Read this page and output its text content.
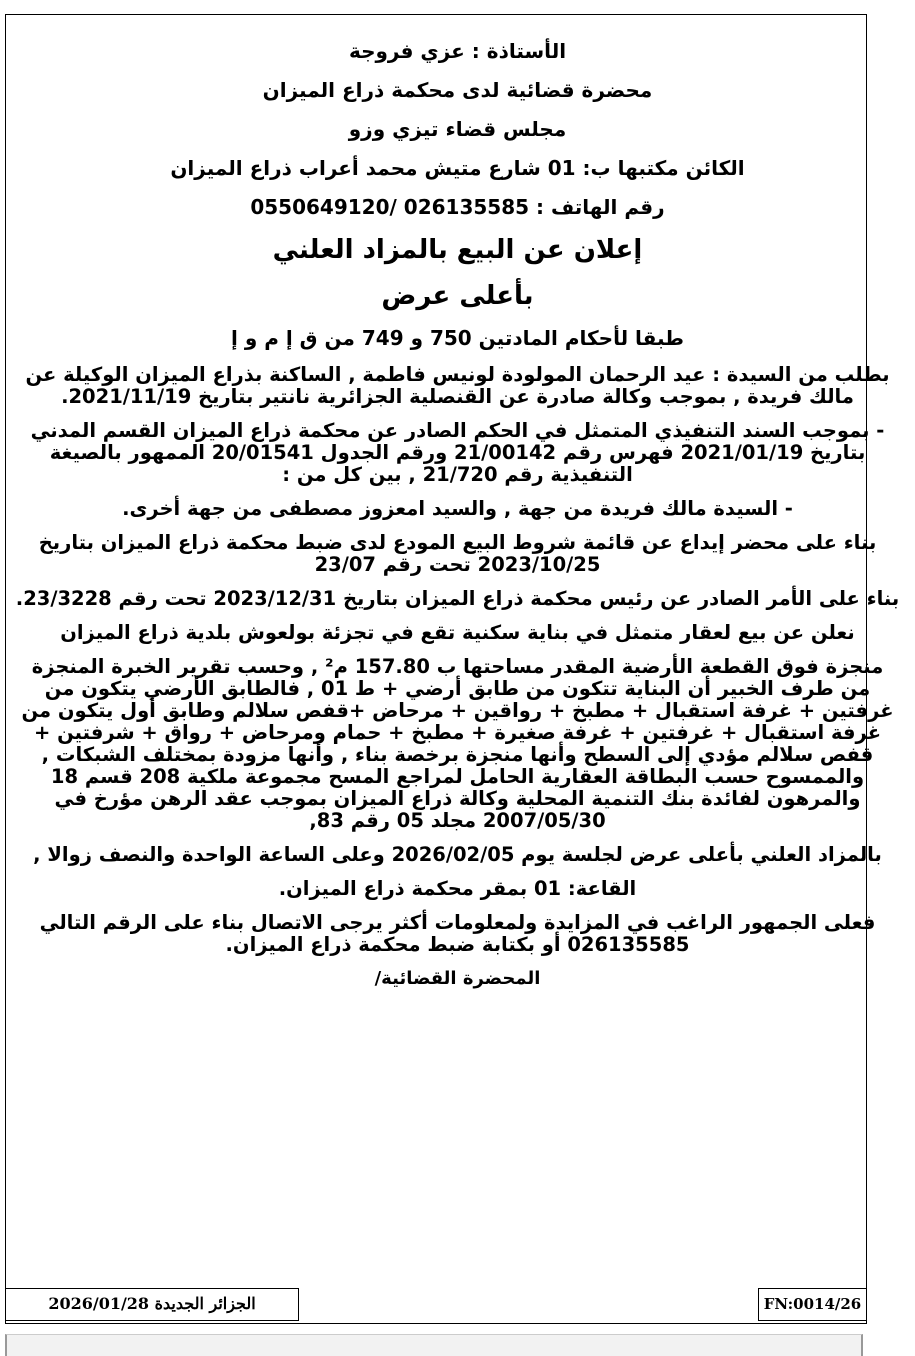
الأستاذة : عزي فروجة
محضرة قضائية لدى محكمة ذراع الميزان
مجلس قضاء تيزي وزو
الكائن مكتبها ب: 01 شارع متيش محمد أعراب ذراع الميزان
رقم الهاتف : 026135585 /0550649120
إعلان عن البيع بالمزاد العلني
بأعلى عرض
طبقا لأحكام المادتين 750 و 749 من ق إ م و إ
بطلب من السيدة : عيد الرحمان المولودة لونيس فاطمة , الساكنة بذراع الميزان الوكيلة عن مالك فريدة , بموجب وكالة صادرة عن القنصلية الجزائرية نانتير بتاريخ 2021/11/19.
- بموجب السند التنفيذي المتمثل في الحكم الصادر عن محكمة ذراع الميزان القسم المدني بتاريخ 2021/01/19 فهرس رقم 21/00142 ورقم الجدول 20/01541 الممهور بالصيغة التنفيذية رقم 21/720 , بين كل من :
- السيدة مالك فريدة من جهة , والسيد امعزوز مصطفى من جهة أخرى.
بناء على محضر إيداع عن قائمة شروط البيع المودع لدى ضبط محكمة ذراع الميزان بتاريخ 2023/10/25 تحت رقم 23/07
بناء على الأمر الصادر عن رئيس محكمة ذراع الميزان بتاريخ 2023/12/31 تحت رقم 23/3228.
نعلن عن بيع لعقار متمثل في بناية سكنية تقع في تجزئة بولعوش بلدية ذراع الميزان
منجزة فوق القطعة الأرضية المقدر مساحتها ب 157.80 م² , وحسب تقرير الخبرة المنجزة من طرف الخبير أن البناية تتكون من طابق أرضي + ط 01 , فالطابق الأرضي يتكون من غرفتين + غرفة استقبال + مطبخ + رواقين + مرحاض +قفص سلالم وطابق أول يتكون من غرفة استقبال + غرفتين + غرفة صغيرة + مطبخ + حمام ومرحاض + رواق + شرفتين + قفص سلالم مؤدي إلى السطح وأنها منجزة برخصة بناء , وأنها مزودة بمختلف الشبكات , والممسوح حسب البطاقة العقارية الحامل لمراجع المسح مجموعة ملكية 208 قسم 18 والمرهون لفائدة بنك التنمية المحلية وكالة ذراع الميزان بموجب عقد الرهن مؤرخ في 2007/05/30 مجلد 05 رقم 83,
بالمزاد العلني بأعلى عرض لجلسة يوم 2026/02/05 وعلى الساعة الواحدة والنصف زوالا ,
القاعة: 01 بمقر محكمة ذراع الميزان.
فعلى الجمهور الراغب في المزايدة ولمعلومات أكثر يرجى الاتصال بناء على الرقم التالي 026135585 أو بكتابة ضبط محكمة ذراع الميزان.
المحضرة القضائية/
الجزائر الجديدة 2026/01/28	FN:0014/26
